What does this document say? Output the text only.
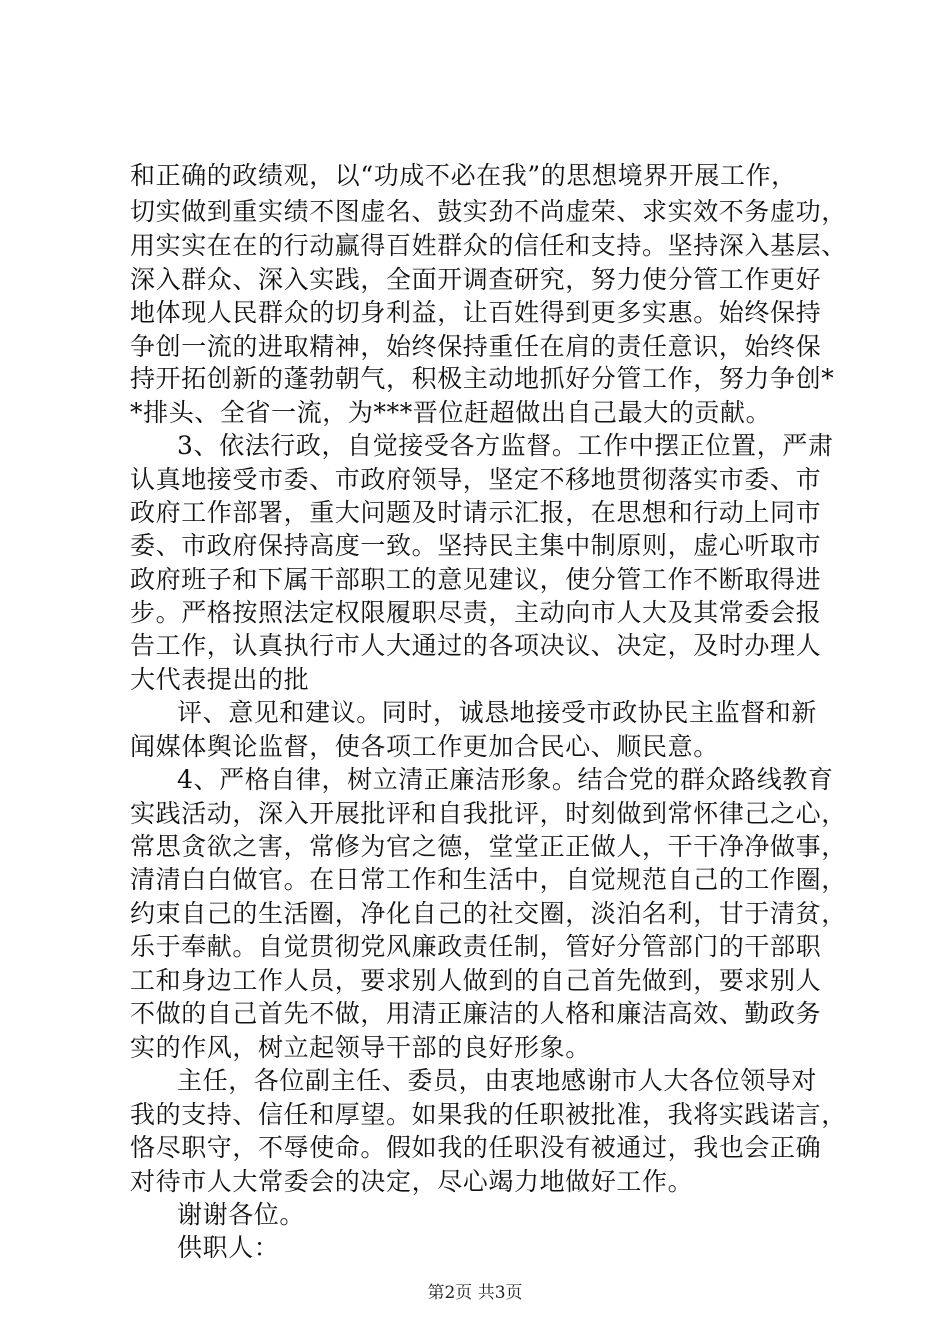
和正确的政绩观，以“功成不必在我”的思想境界开展工作，
切实做到重实绩不图虚名、鼓实劲不尚虚荣、求实效不务虚功，
用实实在在的行动赢得百姓群众的信任和支持。坚持深入基层、
深入群众、深入实践，全面开调查研究，努力使分管工作更好
地体现人民群众的切身利益，让百姓得到更多实惠。始终保持
争创一流的进取精神，始终保持重任在肩的责任意识，始终保
持开拓创新的蓬勃朝气，积极主动地抓好分管工作，努力争创*
*排头、全省一流，为***晋位赶超做出自己最大的贡献。
3、依法行政，自觉接受各方监督。工作中摆正位置，严肃
认真地接受市委、市政府领导，坚定不移地贯彻落实市委、市
政府工作部署，重大问题及时请示汇报，在思想和行动上同市
委、市政府保持高度一致。坚持民主集中制原则，虚心听取市
政府班子和下属干部职工的意见建议，使分管工作不断取得进
步。严格按照法定权限履职尽责，主动向市人大及其常委会报
告工作，认真执行市人大通过的各项决议、决定，及时办理人
大代表提出的批
评、意见和建议。同时，诚恳地接受市政协民主监督和新
闻媒体舆论监督，使各项工作更加合民心、顺民意。
4、严格自律，树立清正廉洁形象。结合党的群众路线教育
实践活动，深入开展批评和自我批评，时刻做到常怀律己之心，
常思贪欲之害，常修为官之德，堂堂正正做人，干干净净做事，
清清白白做官。在日常工作和生活中，自觉规范自己的工作圈，
约束自己的生活圈，净化自己的社交圈，淡泊名利，甘于清贫，
乐于奉献。自觉贯彻党风廉政责任制，管好分管部门的干部职
工和身边工作人员，要求别人做到的自己首先做到，要求别人
不做的自己首先不做，用清正廉洁的人格和廉洁高效、勤政务
实的作风，树立起领导干部的良好形象。
主任，各位副主任、委员，由衷地感谢市人大各位领导对
我的支持、信任和厚望。如果我的任职被批准，我将实践诺言，
恪尽职守，不辱使命。假如我的任职没有被通过，我也会正确
对待市人大常委会的决定，尽心竭力地做好工作。
谢谢各位。
供职人：
第2页 共3页
